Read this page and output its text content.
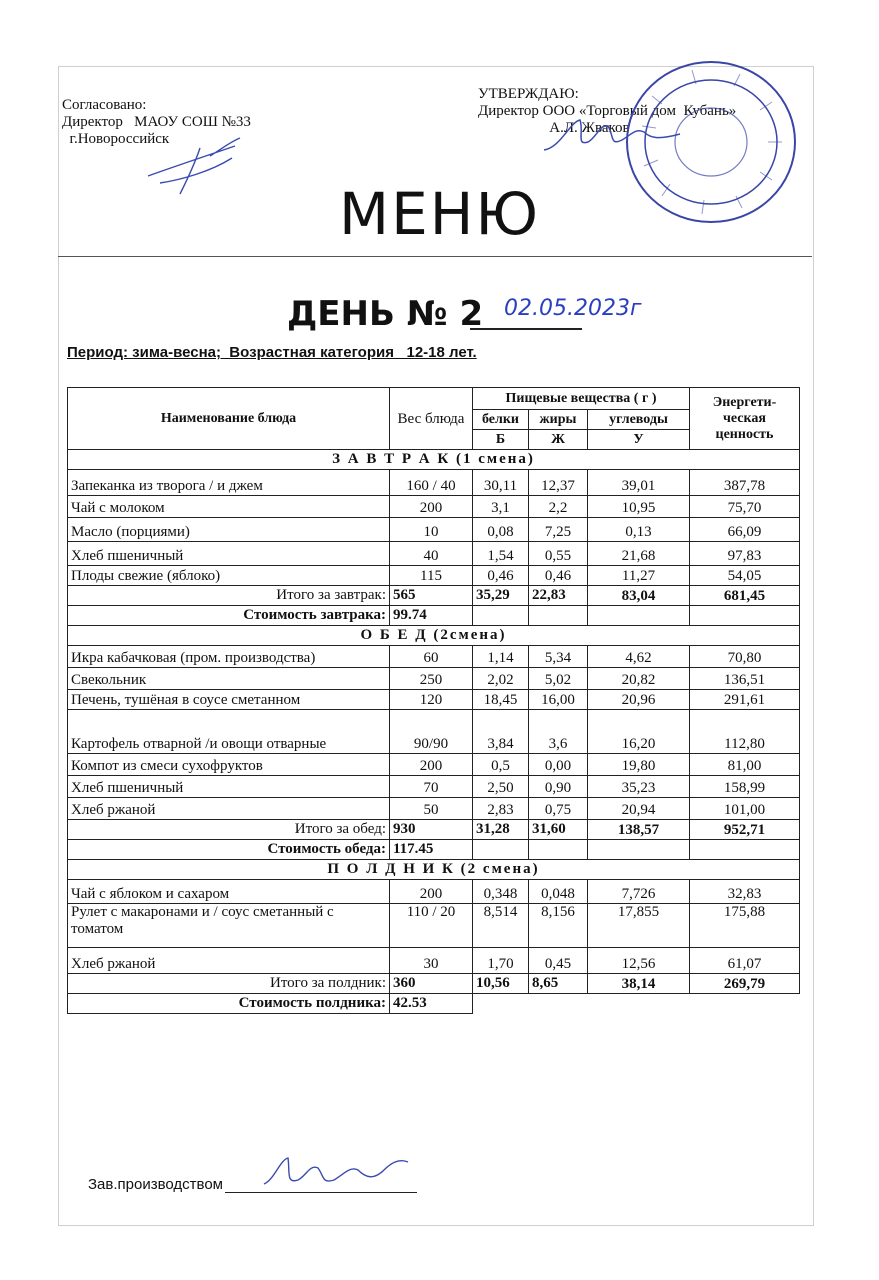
Согласовано:
Директор   МАОУ СОШ №33
г.Новороссийск
УТВЕРЖДАЮ:
Директор ООО «Торговый дом  Кубань»
А.Л. Жваков
МЕНЮ
ДЕНЬ № 2 02.05.2023г
Период: зима-весна;  Возрастная категория   12-18 лет.
Наименование блюда	Вес блюда	Пищевые вещества ( г )			Энергети-ческая ценность
		белки	жиры	углеводы	
		Б	Ж	У	
З А В Т Р А К (1 смена)					
Запеканка из творога / и джем	160 / 40	30,11	12,37	39,01	387,78
Чай с молоком	200	3,1	2,2	10,95	75,70
Масло (порциями)	10	0,08	7,25	0,13	66,09
Хлеб пшеничный	40	1,54	0,55	21,68	97,83
Плоды свежие (яблоко)	115	0,46	0,46	11,27	54,05
Итого за завтрак:	565	35,29	22,83	83,04	681,45
Стоимость завтрака:	99.74				
О Б Е Д (2смена)					
Икра кабачковая (пром. производства)	60	1,14	5,34	4,62	70,80
Свекольник	250	2,02	5,02	20,82	136,51
Печень, тушёная в соусе сметанном	120	18,45	16,00	20,96	291,61
Картофель отварной /и овощи отварные	90/90	3,84	3,6	16,20	112,80
Компот из смеси сухофруктов	200	0,5	0,00	19,80	81,00
Хлеб пшеничный	70	2,50	0,90	35,23	158,99
Хлеб ржаной	50	2,83	0,75	20,94	101,00
Итого за обед:	930	31,28	31,60	138,57	952,71
Стоимость обеда:	117.45				
П О Л Д Н И К (2 смена)					
Чай с яблоком и сахаром	200	0,348	0,048	7,726	32,83
Рулет с макаронами и / соус сметанный с томатом	110 / 20	8,514	8,156	17,855	175,88
Хлеб ржаной	30	1,70	0,45	12,56	61,07
Итого за полдник:	360	10,56	8,65	38,14	269,79
Стоимость полдника:	42.53				
Зав.производством
